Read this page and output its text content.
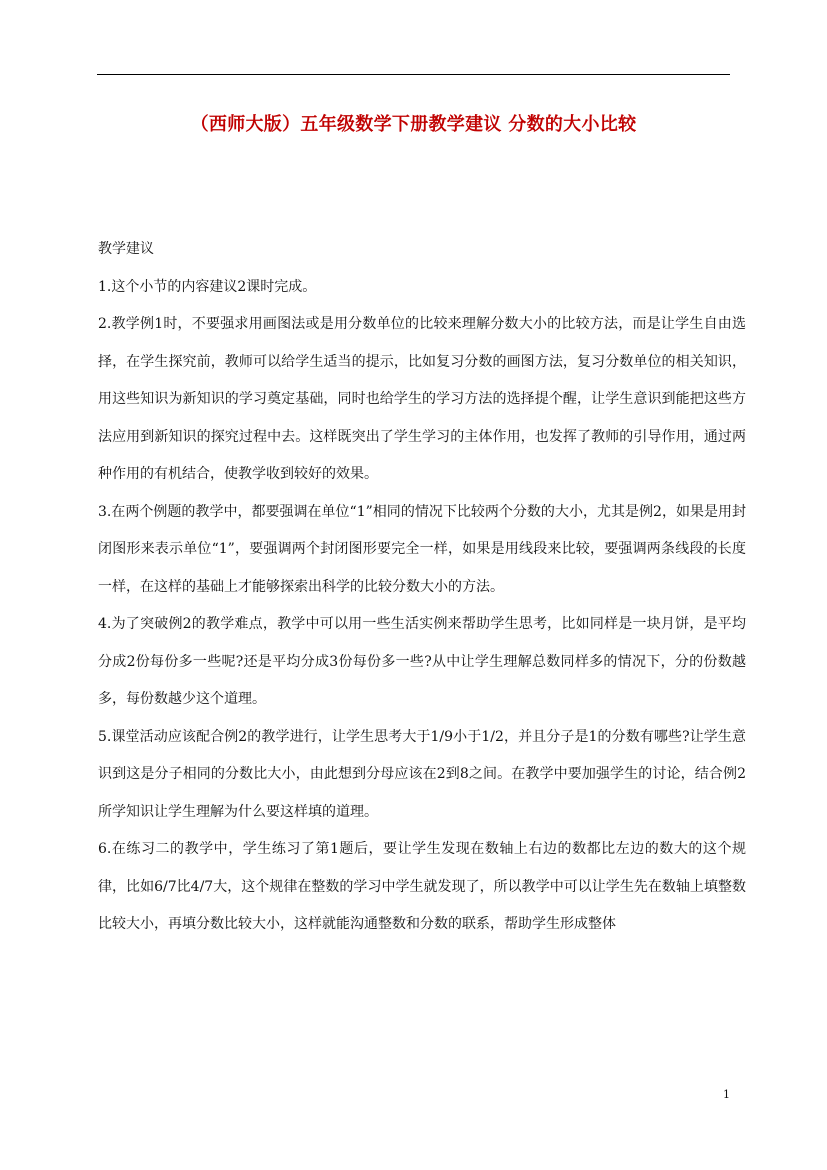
（西师大版）五年级数学下册教学建议 分数的大小比较

教学建议

1.这个小节的内容建议2课时完成。

2.教学例1时，不要强求用画图法或是用分数单位的比较来理解分数大小的比较方法，而是让学生自由选择，在学生探究前，教师可以给学生适当的提示，比如复习分数的画图方法，复习分数单位的相关知识，用这些知识为新知识的学习奠定基础，同时也给学生的学习方法的选择提个醒，让学生意识到能把这些方法应用到新知识的探究过程中去。这样既突出了学生学习的主体作用，也发挥了教师的引导作用，通过两种作用的有机结合，使教学收到较好的效果。

3.在两个例题的教学中，都要强调在单位“1”相同的情况下比较两个分数的大小，尤其是例2，如果是用封闭图形来表示单位“1”，要强调两个封闭图形要完全一样，如果是用线段来比较，要强调两条线段的长度一样，在这样的基础上才能够探索出科学的比较分数大小的方法。

4.为了突破例2的教学难点，教学中可以用一些生活实例来帮助学生思考，比如同样是一块月饼，是平均分成2份每份多一些呢?还是平均分成3份每份多一些?从中让学生理解总数同样多的情况下，分的份数越多，每份数越少这个道理。

5.课堂活动应该配合例2的教学进行，让学生思考大于1/9小于1/2，并且分子是1的分数有哪些?让学生意识到这是分子相同的分数比大小，由此想到分母应该在2到8之间。在教学中要加强学生的讨论，结合例2所学知识让学生理解为什么要这样填的道理。

6.在练习二的教学中，学生练习了第1题后，要让学生发现在数轴上右边的数都比左边的数大的这个规律，比如6/7比4/7大，这个规律在整数的学习中学生就发现了，所以教学中可以让学生先在数轴上填整数比较大小，再填分数比较大小，这样就能沟通整数和分数的联系，帮助学生形成整体

1
